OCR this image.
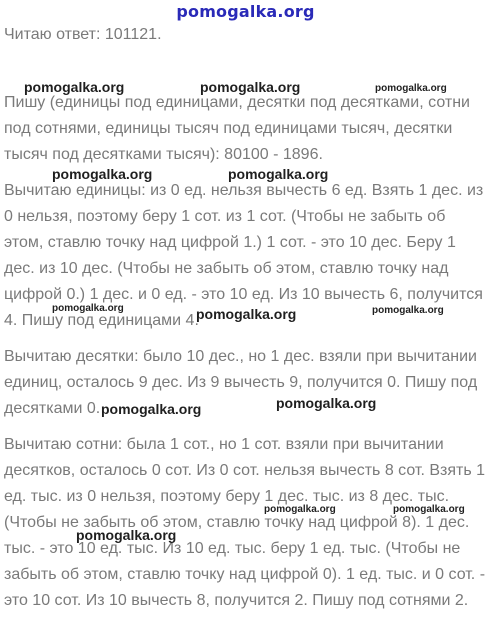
pomogalka.org
Читаю ответ: 101121.
Пишу (единицы под единицами, десятки под десятками, сотни
под сотнями, единицы тысяч под единицами тысяч, десятки
тысяч под десятками тысяч): 80100 - 1896.
Вычитаю единицы: из 0 ед. нельзя вычесть 6 ед. Взять 1 дес. из
0 нельзя, поэтому беру 1 сот. из 1 сот. (Чтобы не забыть об
этом, ставлю точку над цифрой 1.) 1 сот. - это 10 дес. Беру 1
дес. из 10 дес. (Чтобы не забыть об этом, ставлю точку над
цифрой 0.) 1 дес. и 0 ед. - это 10 ед. Из 10 вычесть 6, получится
4. Пишу под единицами 4.
Вычитаю десятки: было 10 дес., но 1 дес. взяли при вычитании
единиц, осталось 9 дес. Из 9 вычесть 9, получится 0. Пишу под
десятками 0.
Вычитаю сотни: была 1 сот., но 1 сот. взяли при вычитании
десятков, осталось 0 сот. Из 0 сот. нельзя вычесть 8 сот. Взять 1
ед. тыс. из 0 нельзя, поэтому беру 1 дес. тыс. из 8 дес. тыс.
(Чтобы не забыть об этом, ставлю точку над цифрой 8). 1 дес.
тыс. - это 10 ед. тыс. Из 10 ед. тыс. беру 1 ед. тыс. (Чтобы не
забыть об этом, ставлю точку над цифрой 0). 1 ед. тыс. и 0 сот. -
это 10 сот. Из 10 вычесть 8, получится 2. Пишу под сотнями 2.
pomogalka.org	pomogalka.org	pomogalka.org
pomogalka.org	pomogalka.org
pomogalka.org	pomogalka.org	pomogalka.org
pomogalka.org	pomogalka.org
pomogalka.org	pomogalka.org
pomogalka.org
